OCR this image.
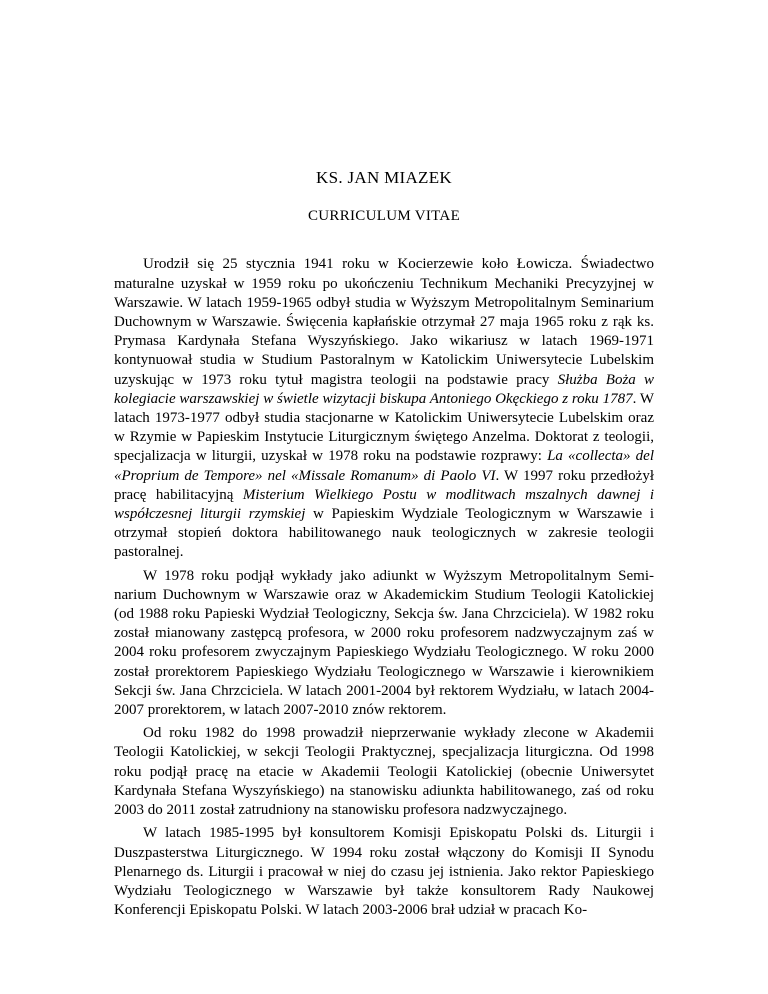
KS. JAN MIAZEK
CURRICULUM VITAE

Urodził się 25 stycznia 1941 roku w Kocierzewie koło Łowicza. Świadectwo maturalne uzyskał w 1959 roku po ukończeniu Technikum Mechaniki Precyzyjnej w Warszawie. W latach 1959-1965 odbył studia w Wyższym Metropolitalnym Seminarium Duchownym w Warszawie. Święcenia kapłańskie otrzymał 27 maja 1965 roku z rąk ks. Prymasa Kardynała Stefana Wyszyńskiego. Jako wikariusz w latach 1969-1971 kontynuował studia w Studium Pastoralnym w Katolickim Uniwersytecie Lubelskim uzyskując w 1973 roku tytuł magistra teologii na podstawie pracy Służba Boża w kolegiacie warszawskiej w świetle wizytacji biskupa Antoniego Okęckiego z roku 1787. W latach 1973-1977 odbył studia stacjonarne w Katolickim Uniwersytecie Lubelskim oraz w Rzymie w Papieskim Instytucie Liturgicznym świętego Anzelma. Doktorat z teologii, specjalizacja w liturgii, uzyskał w 1978 roku na podstawie rozprawy: La «collecta» del «Proprium de Tempore» nel «Missale Romanum» di Paolo VI. W 1997 roku przedłożył pracę habilitacyjną Misterium Wielkiego Postu w modlitwach mszalnych dawnej i współczesnej liturgii rzymskiej w Papieskim Wydziale Teologicznym w Warszawie i otrzymał stopień doktora habilitowanego nauk teologicznych w zakresie teologii pastoralnej.

W 1978 roku podjął wykłady jako adiunkt w Wyższym Metropolitalnym Seminarium Duchownym w Warszawie oraz w Akademickim Studium Teologii Katolickiej (od 1988 roku Papieski Wydział Teologiczny, Sekcja św. Jana Chrzciciela). W 1982 roku został mianowany zastępcą profesora, w 2000 roku profesorem nadzwyczajnym zaś w 2004 roku profesorem zwyczajnym Papieskiego Wydziału Teologicznego. W roku 2000 został prorektorem Papieskiego Wydziału Teologicznego w Warszawie i kierownikiem Sekcji św. Jana Chrzciciela. W latach 2001-2004 był rektorem Wydziału, w latach 2004-2007 prorektorem, w latach 2007-2010 znów rektorem.

Od roku 1982 do 1998 prowadził nieprzerwanie wykłady zlecone w Akademii Teologii Katolickiej, w sekcji Teologii Praktycznej, specjalizacja liturgiczna. Od 1998 roku podjął pracę na etacie w Akademii Teologii Katolickiej (obecnie Uniwersytet Kardynała Stefana Wyszyńskiego) na stanowisku adiunkta habilitowanego, zaś od roku 2003 do 2011 został zatrudniony na stanowisku profesora nadzwyczajnego.

W latach 1985-1995 był konsultorem Komisji Episkopatu Polski ds. Liturgii i Duszpasterstwa Liturgicznego. W 1994 roku został włączony do Komisji II Synodu Plenarnego ds. Liturgii i pracował w niej do czasu jej istnienia. Jako rektor Papieskiego Wydziału Teologicznego w Warszawie był także konsultorem Rady Naukowej Konferencji Episkopatu Polski. W latach 2003-2006 brał udział w pracach Ko-
